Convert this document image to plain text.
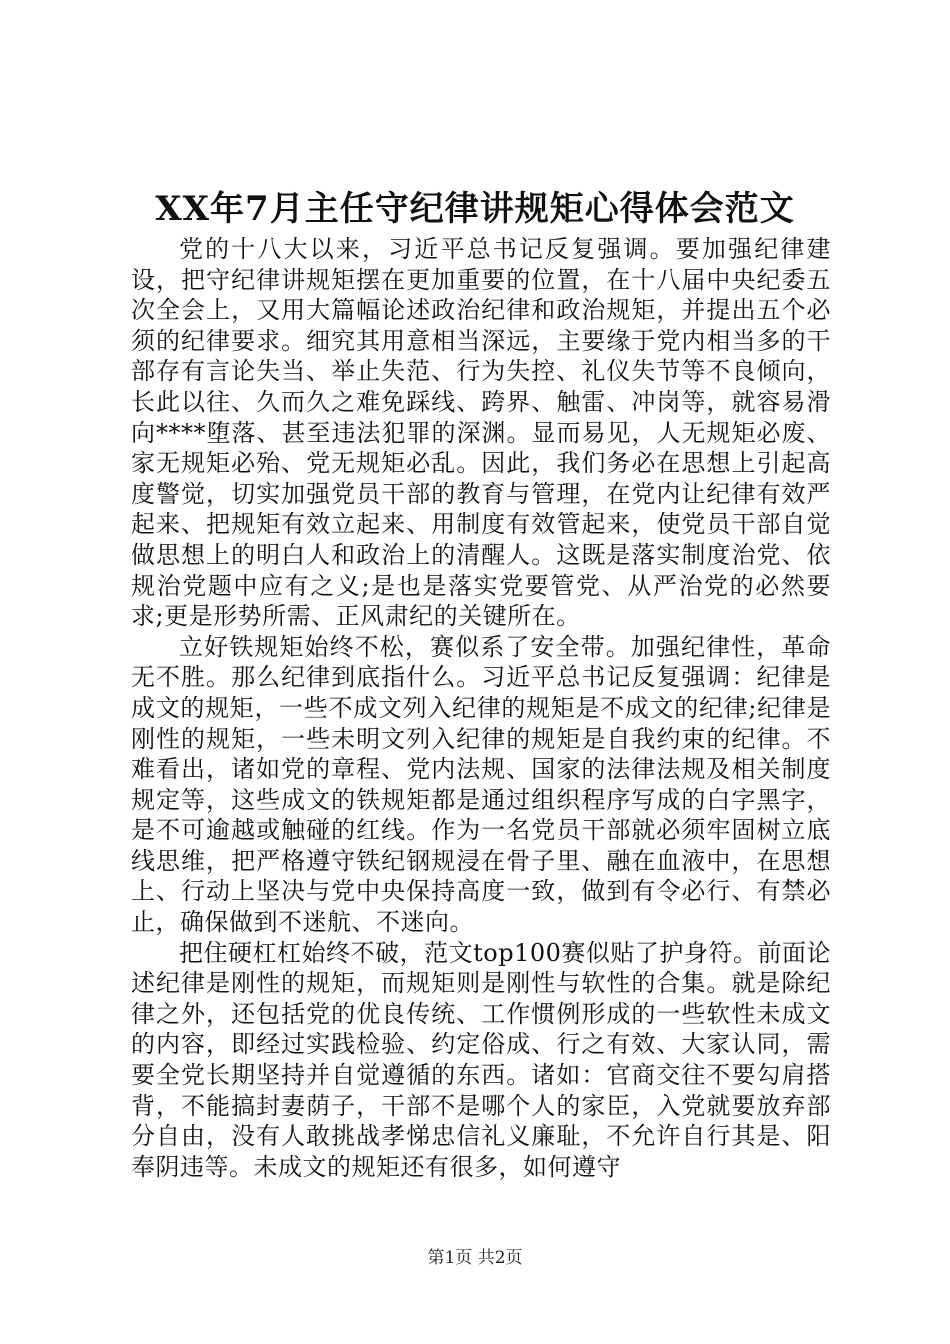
XX年7月主任守纪律讲规矩心得体会范文

党的十八大以来，习近平总书记反复强调。要加强纪律建设，把守纪律讲规矩摆在更加重要的位置，在十八届中央纪委五次全会上，又用大篇幅论述政治纪律和政治规矩，并提出五个必须的纪律要求。细究其用意相当深远，主要缘于党内相当多的干部存有言论失当、举止失范、行为失控、礼仪失节等不良倾向，长此以往、久而久之难免踩线、跨界、触雷、冲岗等，就容易滑向****堕落、甚至违法犯罪的深渊。显而易见，人无规矩必废、家无规矩必殆、党无规矩必乱。因此，我们务必在思想上引起高度警觉，切实加强党员干部的教育与管理，在党内让纪律有效严起来、把规矩有效立起来、用制度有效管起来，使党员干部自觉做思想上的明白人和政治上的清醒人。这既是落实制度治党、依规治党题中应有之义;是也是落实党要管党、从严治党的必然要求;更是形势所需、正风肃纪的关键所在。

立好铁规矩始终不松，赛似系了安全带。加强纪律性，革命无不胜。那么纪律到底指什么。习近平总书记反复强调：纪律是成文的规矩，一些不成文列入纪律的规矩是不成文的纪律;纪律是刚性的规矩，一些未明文列入纪律的规矩是自我约束的纪律。不难看出，诸如党的章程、党内法规、国家的法律法规及相关制度规定等，这些成文的铁规矩都是通过组织程序写成的白字黑字，是不可逾越或触碰的红线。作为一名党员干部就必须牢固树立底线思维，把严格遵守铁纪钢规浸在骨子里、融在血液中，在思想上、行动上坚决与党中央保持高度一致，做到有令必行、有禁必止，确保做到不迷航、不迷向。

把住硬杠杠始终不破，范文top100赛似贴了护身符。前面论述纪律是刚性的规矩，而规矩则是刚性与软性的合集。就是除纪律之外，还包括党的优良传统、工作惯例形成的一些软性未成文的内容，即经过实践检验、约定俗成、行之有效、大家认同，需要全党长期坚持并自觉遵循的东西。诸如：官商交往不要勾肩搭背，不能搞封妻荫子，干部不是哪个人的家臣，入党就要放弃部分自由，没有人敢挑战孝悌忠信礼义廉耻，不允许自行其是、阳奉阴违等。未成文的规矩还有很多，如何遵守

第1页 共2页
